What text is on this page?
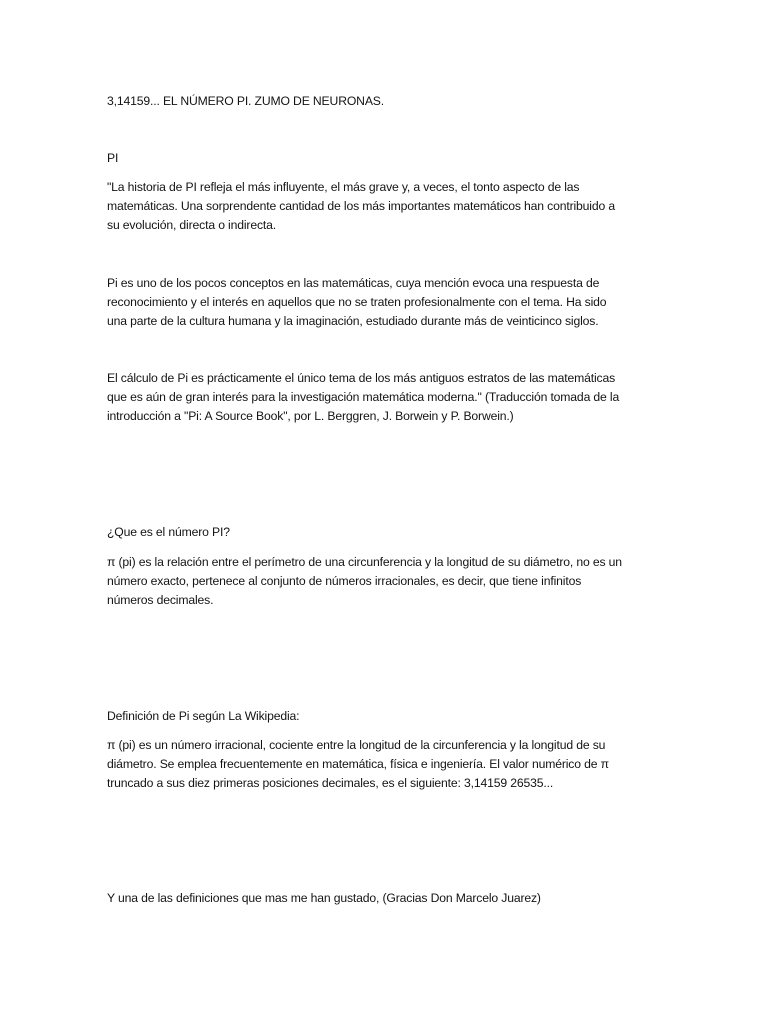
3,14159... EL NÚMERO PI. ZUMO DE NEURONAS.

PI

"La historia de PI refleja el más influyente, el más grave y, a veces, el tonto aspecto de las
matemáticas. Una sorprendente cantidad de los más importantes matemáticos han contribuido a
su evolución, directa o indirecta.

Pi es uno de los pocos conceptos en las matemáticas, cuya mención evoca una respuesta de
reconocimiento y el interés en aquellos que no se traten profesionalmente con el tema. Ha sido
una parte de la cultura humana y la imaginación, estudiado durante más de veinticinco siglos.

El cálculo de Pi es prácticamente el único tema de los más antiguos estratos de las matemáticas
que es aún de gran interés para la investigación matemática moderna." (Traducción tomada de la
introducción a "Pi: A Source Book", por L. Berggren, J. Borwein y P. Borwein.)

¿Que es el número PI?

π (pi) es la relación entre el perímetro de una circunferencia y la longitud de su diámetro, no es un
número exacto, pertenece al conjunto de números irracionales, es decir, que tiene infinitos
números decimales.

Definición de Pi según La Wikipedia:

π (pi) es un número irracional, cociente entre la longitud de la circunferencia y la longitud de su
diámetro. Se emplea frecuentemente en matemática, física e ingeniería. El valor numérico de π
truncado a sus diez primeras posiciones decimales, es el siguiente: 3,14159 26535...

Y una de las definiciones que mas me han gustado, (Gracias Don Marcelo Juarez)
